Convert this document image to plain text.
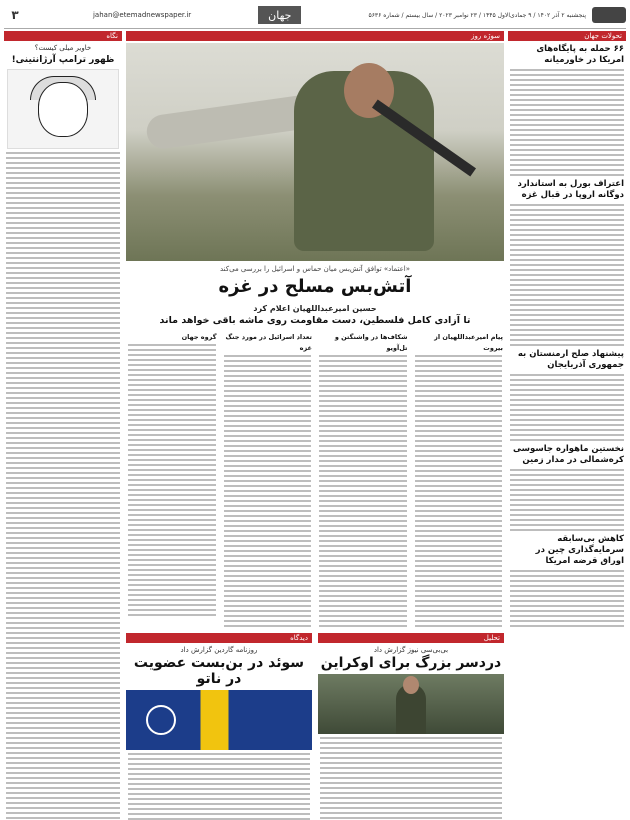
پنجشنبه ۲ آذر ۱۴۰۲ / ۹ جمادی‌الاول ۱۴۴۵ / ۲۳ نوامبر ۲۰۲۳ / سال بیستم / شماره ۵۶۳۶
جهان
jahan@etemadnewspaper.ir
۳
تحولات جهان
۶۶ حمله به پایگاه‌های امریکا در خاورمیانه
اعتراف بورل به استاندارد دوگانه اروپا در قبال غزه
پیشنهاد صلح ارمنستان به جمهوری آذربایجان
نخستین ماهواره جاسوسی کره‌شمالی در مدار زمین
کاهش بی‌سابقه سرمایه‌گذاری چین در اوراق قرضه امریکا
نگاه
خاویر میلی کیست؟
ظهور ترامپ آرژانتینی!
سوژه روز
«اعتماد» توافق آتش‌بس میان حماس و اسرائیل را بررسی می‌کند
آتش‌بس مسلح در غزه
حسین امیرعبداللهیان اعلام کرد
تا آزادی کامل فلسطین، دست مقاومت روی ماشه باقی خواهد ماند
پیام امیرعبداللهیان از بیروت
شکاف‌ها در واشنگتن و تل‌آویو
تعداد اسرائیل در مورد جنگ غزه
گروه جهان
تحلیل
بی‌بی‌سی نیوز گزارش داد
دردسر بزرگ برای اوکراین
دیدگاه
روزنامه گاردین گزارش داد
سوئد در بن‌بست عضویت در ناتو
